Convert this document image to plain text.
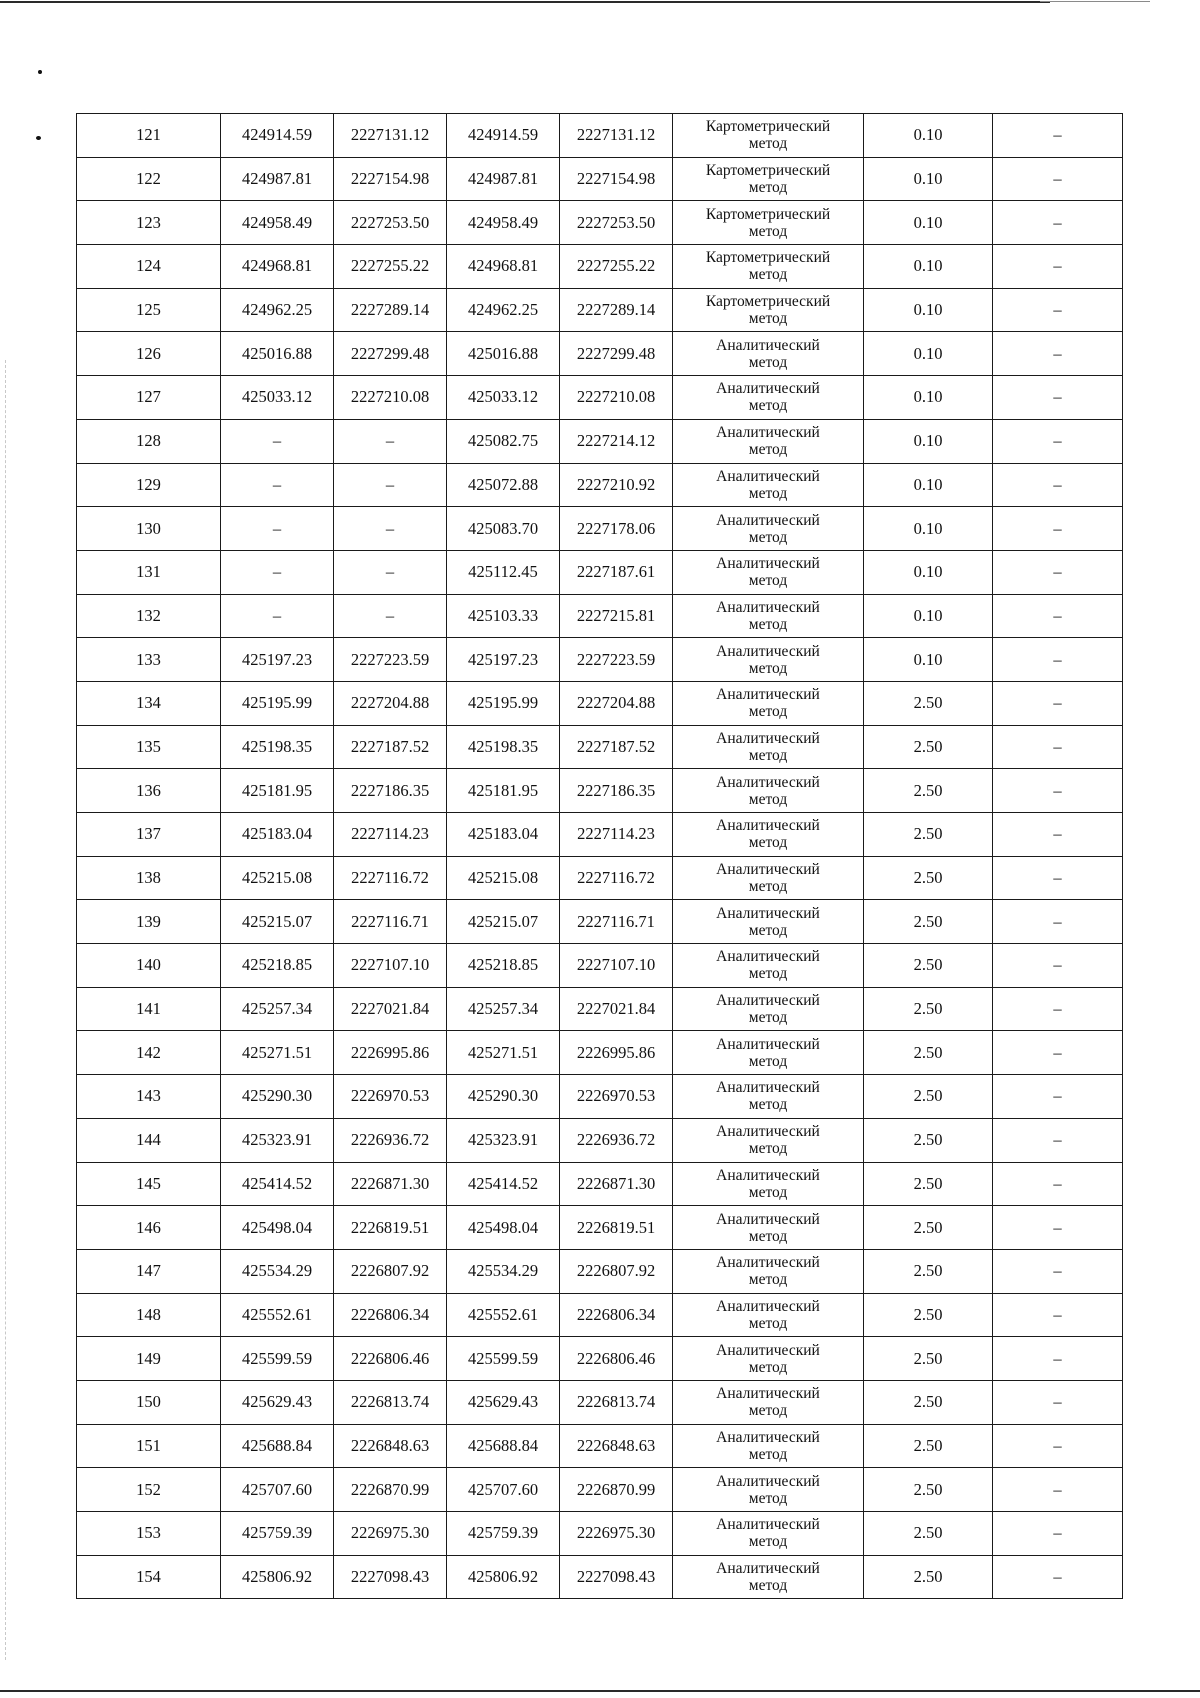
121	424914.59	2227131.12	424914.59	2227131.12	Картометрический метод	0.10	–
122	424987.81	2227154.98	424987.81	2227154.98	Картометрический метод	0.10	–
123	424958.49	2227253.50	424958.49	2227253.50	Картометрический метод	0.10	–
124	424968.81	2227255.22	424968.81	2227255.22	Картометрический метод	0.10	–
125	424962.25	2227289.14	424962.25	2227289.14	Картометрический метод	0.10	–
126	425016.88	2227299.48	425016.88	2227299.48	Аналитический метод	0.10	–
127	425033.12	2227210.08	425033.12	2227210.08	Аналитический метод	0.10	–
128	–	–	425082.75	2227214.12	Аналитический метод	0.10	–
129	–	–	425072.88	2227210.92	Аналитический метод	0.10	–
130	–	–	425083.70	2227178.06	Аналитический метод	0.10	–
131	–	–	425112.45	2227187.61	Аналитический метод	0.10	–
132	–	–	425103.33	2227215.81	Аналитический метод	0.10	–
133	425197.23	2227223.59	425197.23	2227223.59	Аналитический метод	0.10	–
134	425195.99	2227204.88	425195.99	2227204.88	Аналитический метод	2.50	–
135	425198.35	2227187.52	425198.35	2227187.52	Аналитический метод	2.50	–
136	425181.95	2227186.35	425181.95	2227186.35	Аналитический метод	2.50	–
137	425183.04	2227114.23	425183.04	2227114.23	Аналитический метод	2.50	–
138	425215.08	2227116.72	425215.08	2227116.72	Аналитический метод	2.50	–
139	425215.07	2227116.71	425215.07	2227116.71	Аналитический метод	2.50	–
140	425218.85	2227107.10	425218.85	2227107.10	Аналитический метод	2.50	–
141	425257.34	2227021.84	425257.34	2227021.84	Аналитический метод	2.50	–
142	425271.51	2226995.86	425271.51	2226995.86	Аналитический метод	2.50	–
143	425290.30	2226970.53	425290.30	2226970.53	Аналитический метод	2.50	–
144	425323.91	2226936.72	425323.91	2226936.72	Аналитический метод	2.50	–
145	425414.52	2226871.30	425414.52	2226871.30	Аналитический метод	2.50	–
146	425498.04	2226819.51	425498.04	2226819.51	Аналитический метод	2.50	–
147	425534.29	2226807.92	425534.29	2226807.92	Аналитический метод	2.50	–
148	425552.61	2226806.34	425552.61	2226806.34	Аналитический метод	2.50	–
149	425599.59	2226806.46	425599.59	2226806.46	Аналитический метод	2.50	–
150	425629.43	2226813.74	425629.43	2226813.74	Аналитический метод	2.50	–
151	425688.84	2226848.63	425688.84	2226848.63	Аналитический метод	2.50	–
152	425707.60	2226870.99	425707.60	2226870.99	Аналитический метод	2.50	–
153	425759.39	2226975.30	425759.39	2226975.30	Аналитический метод	2.50	–
154	425806.92	2227098.43	425806.92	2227098.43	Аналитический метод	2.50	–
